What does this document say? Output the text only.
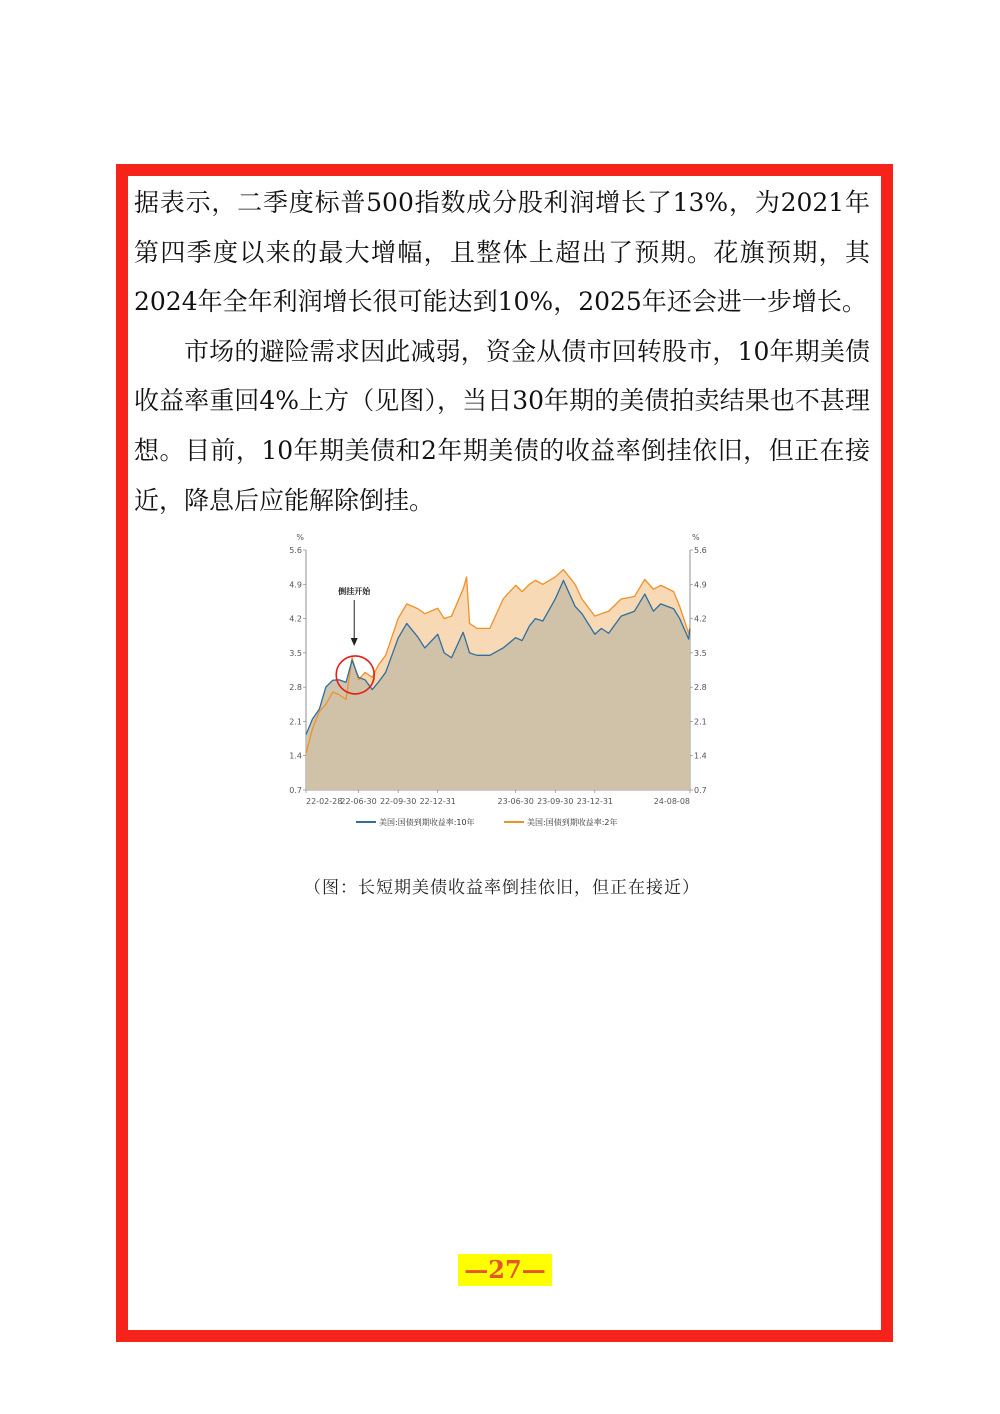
据表示，二季度标普500指数成分股利润增长了13%，为2021年第四季度以来的最大增幅，且整体上超出了预期。花旗预期，其2024年全年利润增长很可能达到10%，2025年还会进一步增长。

市场的避险需求因此减弱，资金从债市回转股市，10年期美债收益率重回4%上方（见图），当日30年期的美债拍卖结果也不甚理想。目前，10年期美债和2年期美债的收益率倒挂依旧，但正在接近，降息后应能解除倒挂。

%	%
5.6	5.6
4.9	4.9
4.2	4.2
3.5	3.5
2.8	2.8
2.1	2.1
1.4	1.4
0.7	0.7
22-02-28
22-06-30 22-09-30 22-12-31	23-06-30 23-09-30 23-12-31	24-08-08
倒挂开始
美国:国债到期收益率:10年	美国:国债到期收益率:2年
（图：长短期美债收益率倒挂依旧，但正在接近）
—27—
